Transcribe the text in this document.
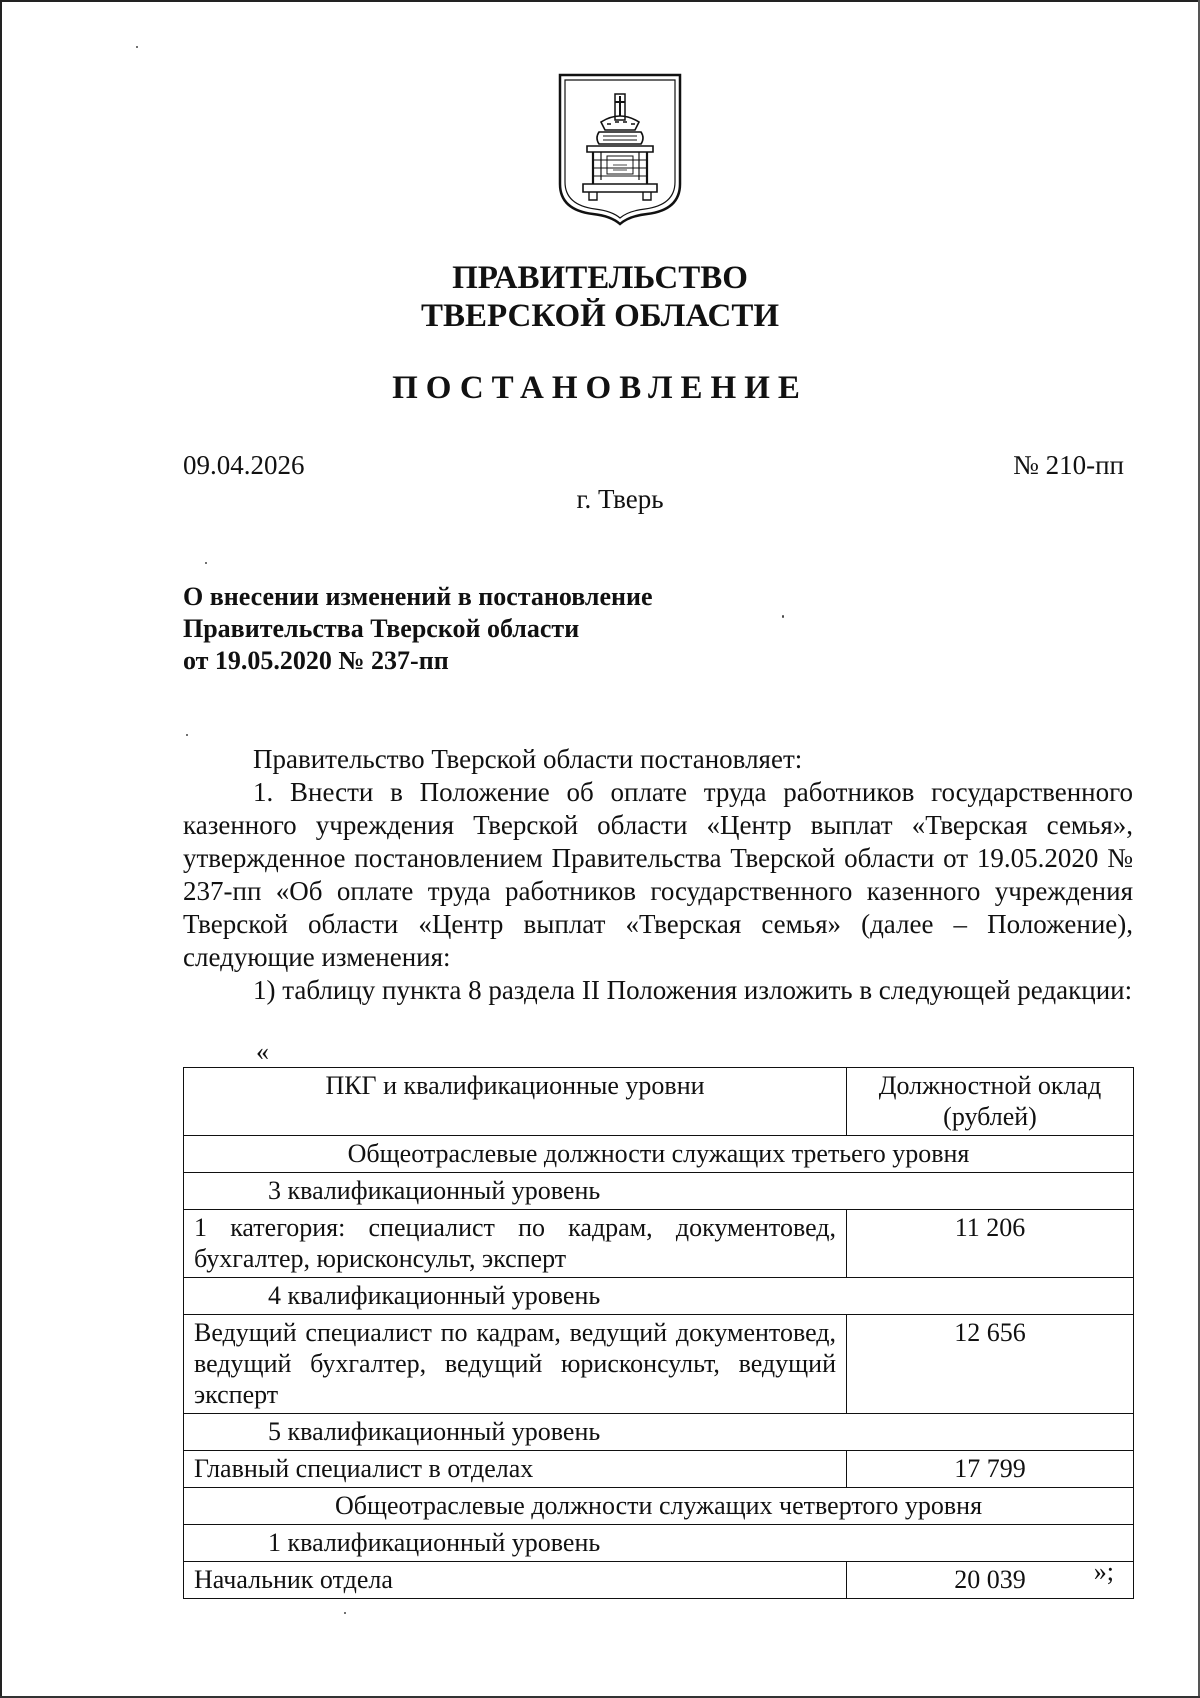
ПРАВИТЕЛЬСТВО
ТВЕРСКОЙ ОБЛАСТИ
ПОСТАНОВЛЕНИЕ
09.04.2026	№ 210-пп
г. Тверь
О внесении изменений в постановление
Правительства Тверской области
от 19.05.2020 № 237-пп

Правительство Тверской области постановляет:

1. Внести в Положение об оплате труда работников государственного казенного учреждения Тверской области «Центр выплат «Тверская семья», утвержденное постановлением Правительства Тверской области от 19.05.2020 № 237-пп «Об оплате труда работников государственного казенного учреждения Тверской области «Центр выплат «Тверская семья» (далее – Положение), следующие изменения:

1) таблицу пункта 8 раздела II Положения изложить в следующей редакции:

«
ПКГ и квалификационные уровни	Должностной оклад (рублей)
Общеотраслевые должности служащих третьего уровня	
3 квалификационный уровень	
1 категория: специалист по кадрам, документовед, бухгалтер, юрисконсульт, эксперт	11 206
4 квалификационный уровень	
Ведущий специалист по кадрам, ведущий документовед, ведущий бухгалтер, ведущий юрисконсульт, ведущий эксперт	12 656
5 квалификационный уровень	
Главный специалист в отделах	17 799
Общеотраслевые должности служащих четвертого уровня	
1 квалификационный уровень	
Начальник отдела	20 039	»;
